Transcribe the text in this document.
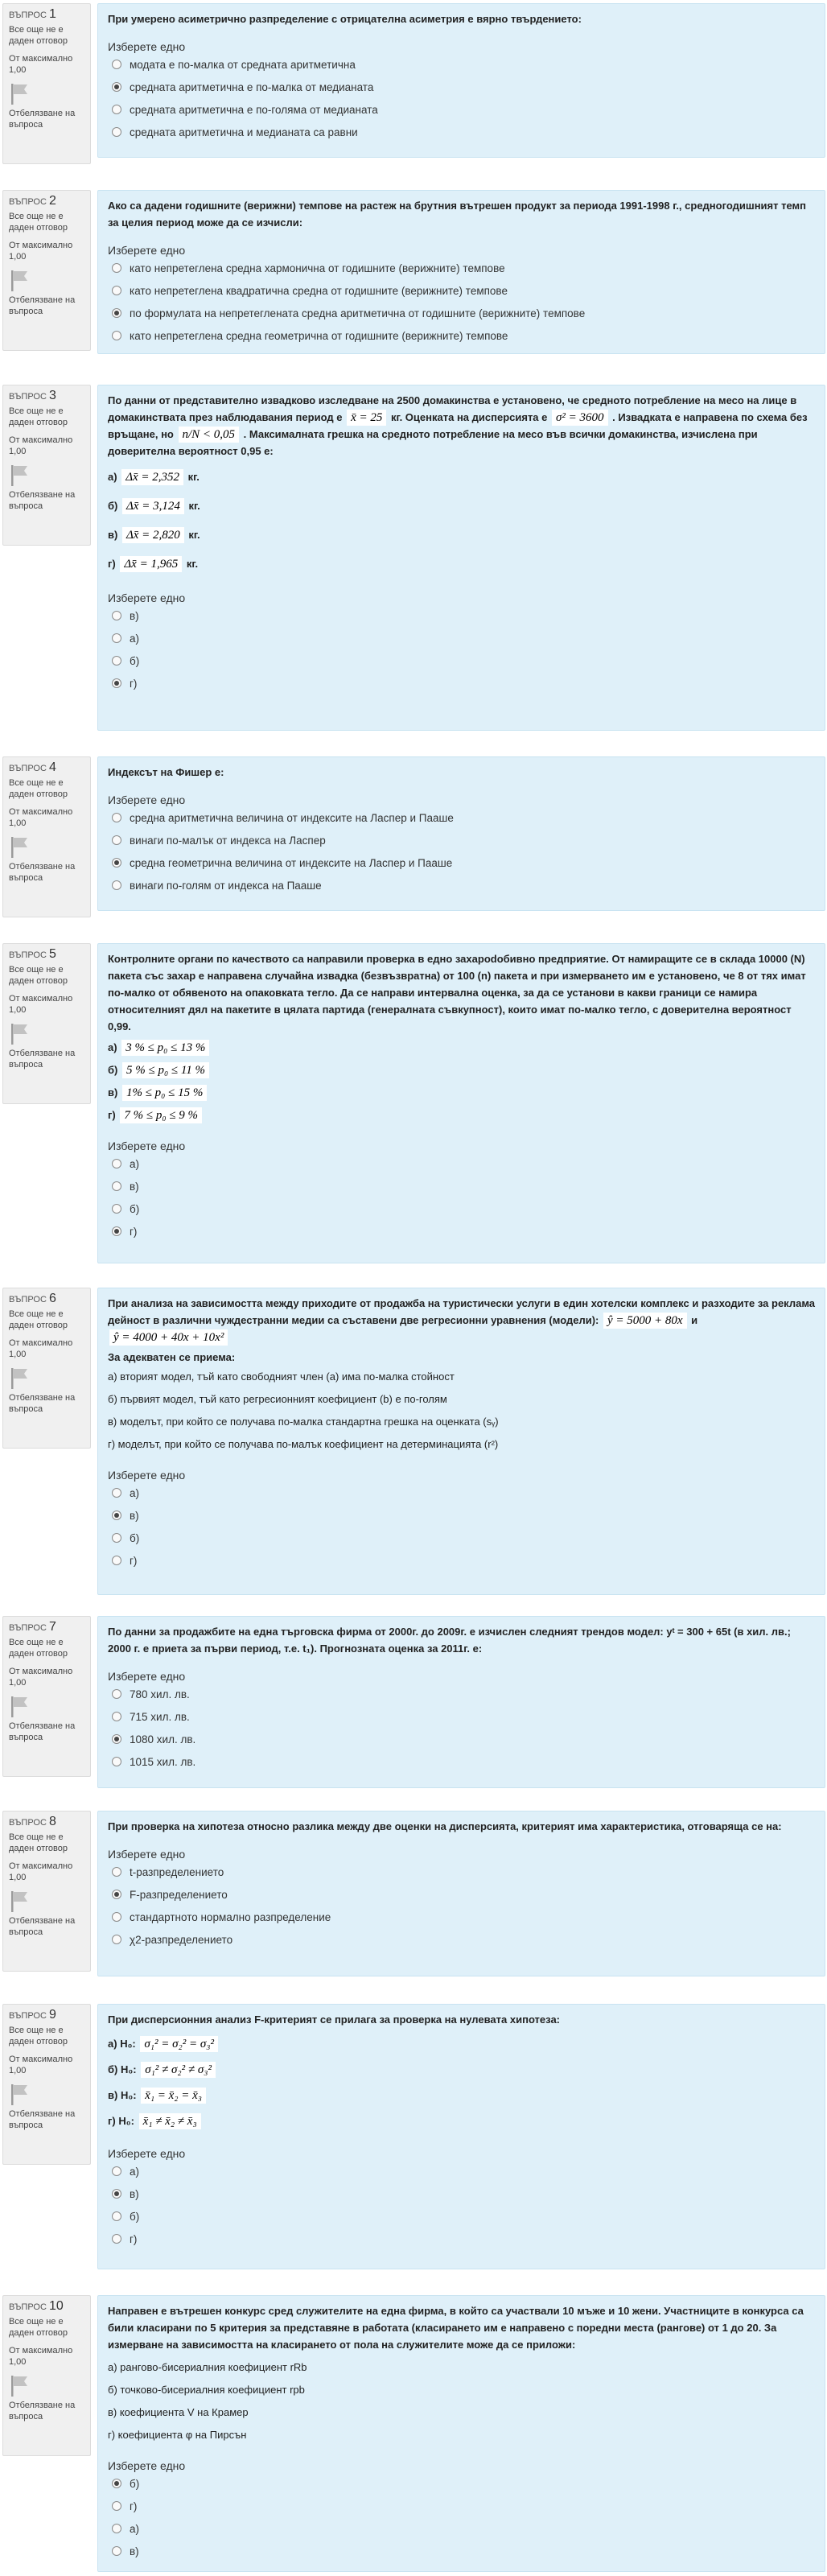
ВЪПРОС 1
Все още не е даден отговор
От максимално 1,00
Отбелязване на въпроса
При умерено асиметрично разпределение с отрицателна асиметрия е вярно твърдението:
Изберете едно
модата е по-малка от средната аритметична
средната аритметична е по-малка от медианата
средната аритметична е по-голяма от медианата
средната аритметична и медианата са равни
ВЪПРОС 2
Все още не е даден отговор
От максимално 1,00
Отбелязване на въпроса
Ако са дадени годишните (верижни) темпове на растеж на брутния вътрешен продукт за периода 1991-1998 г., средногодишният темп за целия период може да се изчисли:
Изберете едно
като непретеглена средна хармонична от годишните (верижните) темпове
като непретеглена квадратична средна от годишните (верижните) темпове
по формулата на непретеглената средна аритметична от годишните (верижните) темпове
като непретеглена средна геометрична от годишните (верижните) темпове
ВЪПРОС 3
Все още не е даден отговор
От максимално 1,00
Отбелязване на въпроса
По данни от представително извадково изследване на 2500 домакинства е установено, че средното потребление на месо на лице в домакинствата през наблюдавания период е x̄ = 25 кг. Оценката на дисперсията е σ² = 3600 . Извадката е направена по схема без връщане, но n/N < 0,05 . Максималната грешка на средното потребление на месо във всички домакинства, изчислена при доверителна вероятност 0,95 е:
а) Δx̄ = 2,352 кг.
б) Δx̄ = 3,124 кг.
в) Δx̄ = 2,820 кг.
г) Δx̄ = 1,965 кг.
Изберете едно
в)
а)
б)
г)
ВЪПРОС 4
Все още не е даден отговор
От максимално 1,00
Отбелязване на въпроса
Индексът на Фишер е:
Изберете едно
средна аритметична величина от индексите на Ласпер и Пааше
винаги по-малък от индекса на Ласпер
средна геометрична величина от индексите на Ласпер и Пааше
винаги по-голям от индекса на Пааше
ВЪПРОС 5
Все още не е даден отговор
От максимално 1,00
Отбелязване на въпроса
Контролните органи по качеството са направили проверка в едно захарodобивно предприятие. От намиращите се в склада 10000 (N) пакета със захар е направена случайна извадка (безвъзвратна) от 100 (n) пакета и при измерването им е установено, че 8 от тях имат по-малко от обявеното на опаковката тегло. Да се направи интервална оценка, за да се установи в какви граници се намира относителният дял на пакетите в цялата партида (генералната съвкупност), които имат по-малко тегло, с доверителна вероятност 0,99.
а) 3 % ≤ p₀ ≤ 13 %
б) 5 % ≤ p₀ ≤ 11 %
в) 1% ≤ p₀ ≤ 15 %
г) 7 % ≤ p₀ ≤ 9 %
Изберете едно
а)
в)
б)
г)
ВЪПРОС 6
Все още не е даден отговор
От максимално 1,00
Отбелязване на въпроса
При анализа на зависимостта между приходите от продажба на туристически услуги в един хотелски комплекс и разходите за реклама дейност в различни чуждестранни медии са съставени две регресионни уравнения (модели): ŷ = 5000 + 80x и
ŷ = 4000 + 40x + 10x²
За адекватен се приема:
а) вторият модел, тъй като свободният член (a) има по-малка стойност
б) първият модел, тъй като регресионният коефициент (b) е по-голям
в) моделът, при който се получава по-малка стандартна грешка на оценката (sᵧ)
г) моделът, при който се получава по-малък коефициент на детерминацията (r²)
Изберете едно
а)
в)
б)
г)
ВЪПРОС 7
Все още не е даден отговор
От максимално 1,00
Отбелязване на въпроса
По данни за продажбите на една търговска фирма от 2000г. до 2009г. е изчислен следният трендов модел: yᵗ = 300 + 65t (в хил. лв.; 2000 г. е приета за първи период, т.е. t₁). Прогнозната оценка за 2011г. е:
Изберете едно
780 хил. лв.
715 хил. лв.
1080 хил. лв.
1015 хил. лв.
ВЪПРОС 8
Все още не е даден отговор
От максимално 1,00
Отбелязване на въпроса
При проверка на хипотеза относно разлика между две оценки на дисперсията, критерият има характеристика, отговаряща се на:
Изберете едно
t-разпределението
F-разпределението
стандартното нормално разпределение
χ2-разпределението
ВЪПРОС 9
Все още не е даден отговор
От максимално 1,00
Отбелязване на въпроса
При дисперсионния анализ F-критерият се прилага за проверка на нулевата хипотеза:
а) H₀: σ₁² = σ₂² = σ₃²
б) H₀: σ₁² ≠ σ₂² ≠ σ₃²
в) H₀: x̄₁ = x̄₂ = x̄₃
г) H₀: x̄₁ ≠ x̄₂ ≠ x̄₃
Изберете едно
а)
в)
б)
г)
ВЪПРОС 10
Все още не е даден отговор
От максимално 1,00
Отбелязване на въпроса
Направен е вътрешен конкурс сред служителите на една фирма, в който са участвали 10 мъже и 10 жени. Участниците в конкурса са били класирани по 5 критерия за представяне в работата (класирането им е направено с поредни места (рангове) от 1 до 20. За измерване на зависимостта на класирането от пола на служителите може да се приложи:
а) рангово-бисериалния коефициент rRb
б) точково-бисериалния коефициент rpb
в) коефициента V на Крамер
г) коефициента φ на Пирсън
Изберете едно
б)
г)
а)
в)
